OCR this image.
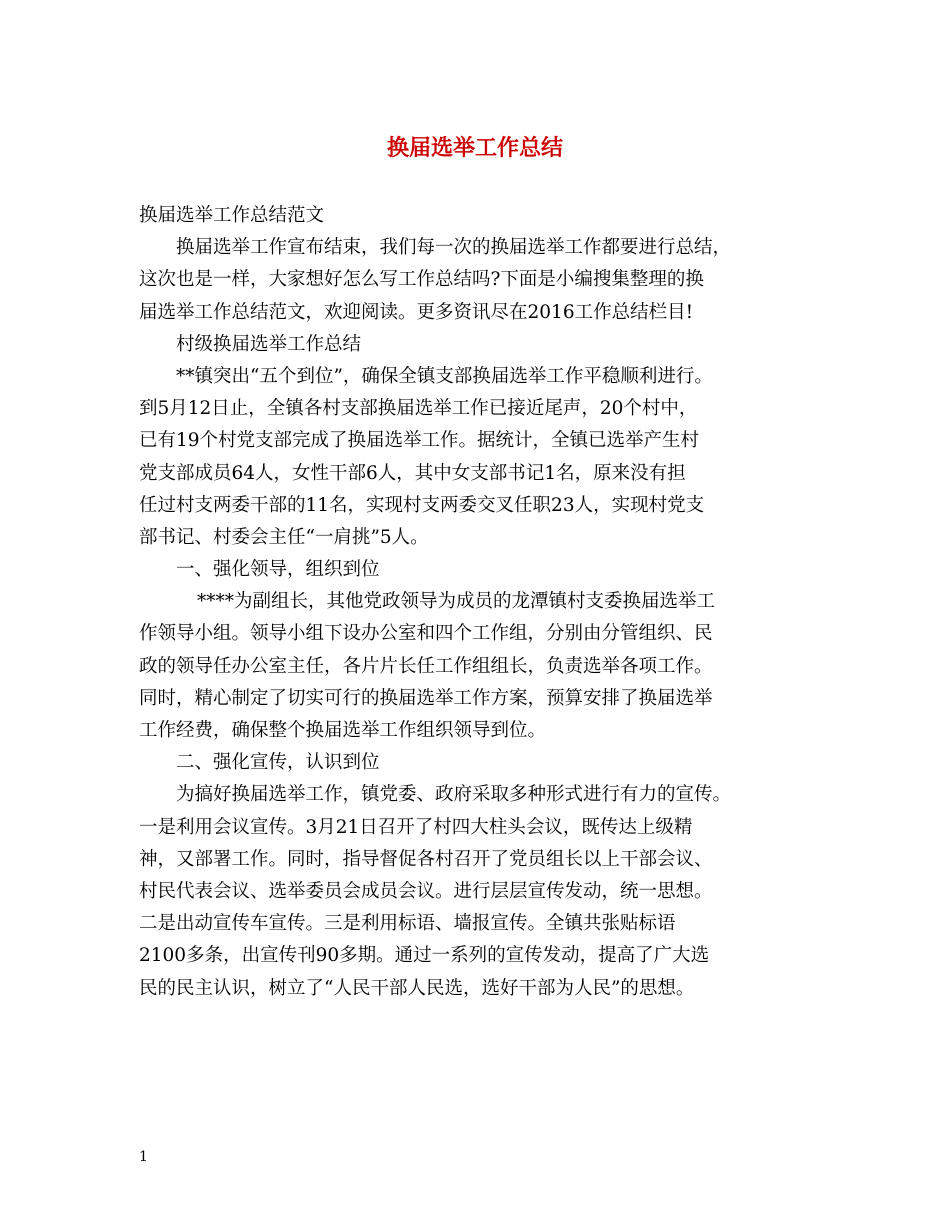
换届选举工作总结
换届选举工作总结范文
换届选举工作宣布结束，我们每一次的换届选举工作都要进行总结，
这次也是一样，大家想好怎么写工作总结吗?下面是小编搜集整理的换
届选举工作总结范文，欢迎阅读。更多资讯尽在2016工作总结栏目!
村级换届选举工作总结
**镇突出“五个到位”，确保全镇支部换届选举工作平稳顺利进行。
到5月12日止，全镇各村支部换届选举工作已接近尾声，20个村中，
已有19个村党支部完成了换届选举工作。据统计，全镇已选举产生村
党支部成员64人，女性干部6人，其中女支部书记1名，原来没有担
任过村支两委干部的11名，实现村支两委交叉任职23人，实现村党支
部书记、村委会主任“一肩挑”5人。
一、强化领导，组织到位
****为副组长，其他党政领导为成员的龙潭镇村支委换届选举工
作领导小组。领导小组下设办公室和四个工作组，分别由分管组织、民
政的领导任办公室主任，各片片长任工作组组长，负责选举各项工作。
同时，精心制定了切实可行的换届选举工作方案，预算安排了换届选举
工作经费，确保整个换届选举工作组织领导到位。
二、强化宣传，认识到位
为搞好换届选举工作，镇党委、政府采取多种形式进行有力的宣传。
一是利用会议宣传。3月21日召开了村四大柱头会议，既传达上级精
神，又部署工作。同时，指导督促各村召开了党员组长以上干部会议、
村民代表会议、选举委员会成员会议。进行层层宣传发动，统一思想。
二是出动宣传车宣传。三是利用标语、墙报宣传。全镇共张贴标语
2100多条，出宣传刊90多期。通过一系列的宣传发动，提高了广大选
民的民主认识，树立了“人民干部人民选，选好干部为人民”的思想。
1
